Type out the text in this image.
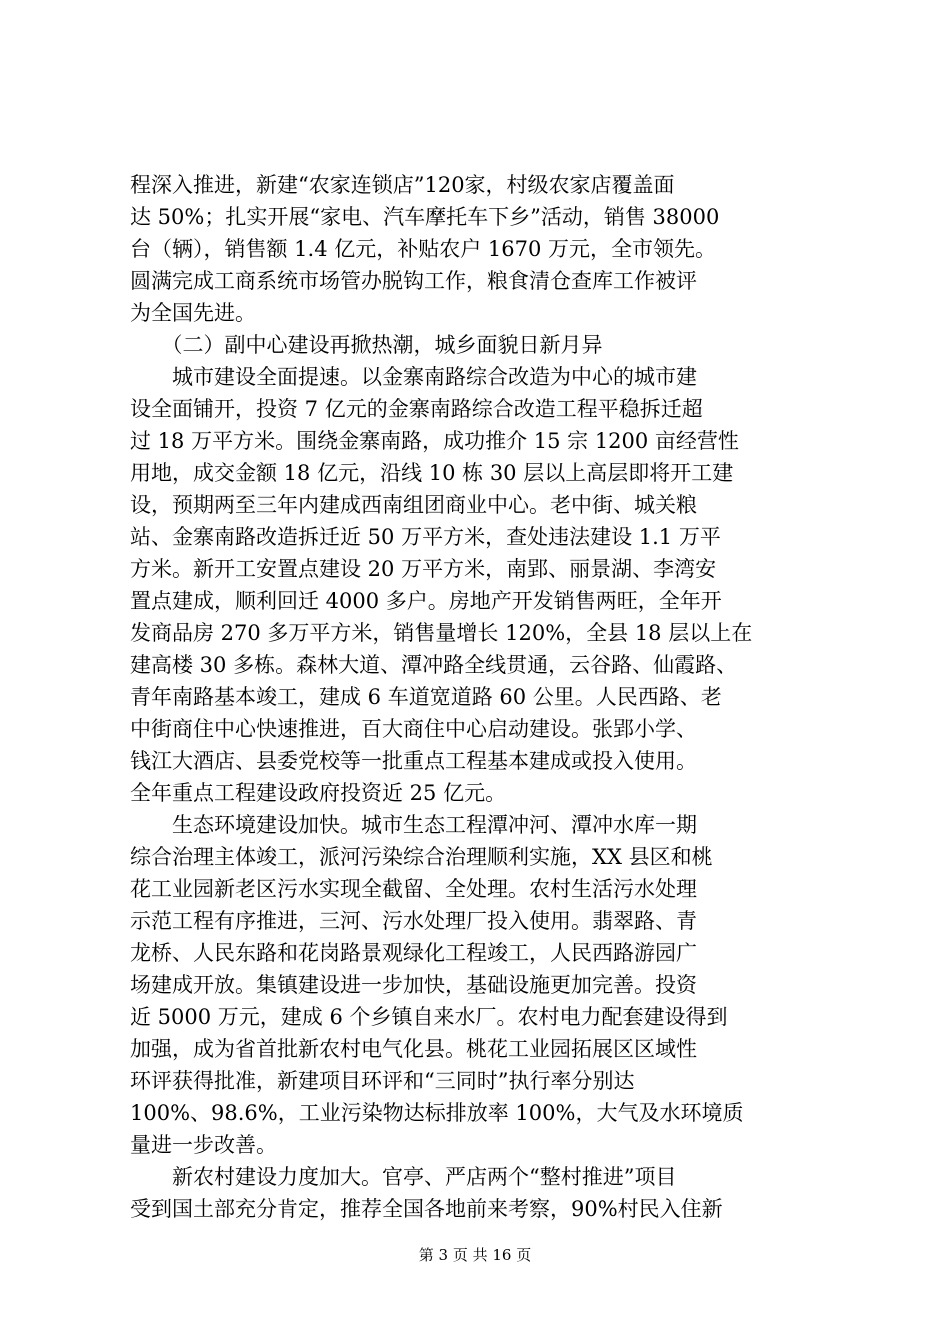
程深入推进，新建“农家连锁店”120家，村级农家店覆盖面
达 50%；扎实开展“家电、汽车摩托车下乡”活动，销售 38000
台（辆），销售额 1.4 亿元，补贴农户 1670 万元，全市领先。
圆满完成工商系统市场管办脱钩工作，粮食清仓查库工作被评
为全国先进。
　　（二）副中心建设再掀热潮，城乡面貌日新月异
　　城市建设全面提速。以金寨南路综合改造为中心的城市建
设全面铺开，投资 7 亿元的金寨南路综合改造工程平稳拆迁超
过 18 万平方米。围绕金寨南路，成功推介 15 宗 1200 亩经营性
用地，成交金额 18 亿元，沿线 10 栋 30 层以上高层即将开工建
设，预期两至三年内建成西南组团商业中心。老中街、城关粮
站、金寨南路改造拆迁近 50 万平方米，查处违法建设 1.1 万平
方米。新开工安置点建设 20 万平方米，南郢、丽景湖、李湾安
置点建成，顺利回迁 4000 多户。房地产开发销售两旺，全年开
发商品房 270 多万平方米，销售量增长 120%，全县 18 层以上在
建高楼 30 多栋。森林大道、潭冲路全线贯通，云谷路、仙霞路、
青年南路基本竣工，建成 6 车道宽道路 60 公里。人民西路、老
中街商住中心快速推进，百大商住中心启动建设。张郢小学、
钱江大酒店、县委党校等一批重点工程基本建成或投入使用。
全年重点工程建设政府投资近 25 亿元。
　　生态环境建设加快。城市生态工程潭冲河、潭冲水库一期
综合治理主体竣工，派河污染综合治理顺利实施，XX 县区和桃
花工业园新老区污水实现全截留、全处理。农村生活污水处理
示范工程有序推进，三河、污水处理厂投入使用。翡翠路、青
龙桥、人民东路和花岗路景观绿化工程竣工，人民西路游园广
场建成开放。集镇建设进一步加快，基础设施更加完善。投资
近 5000 万元，建成 6 个乡镇自来水厂。农村电力配套建设得到
加强，成为省首批新农村电气化县。桃花工业园拓展区区域性
环评获得批准，新建项目环评和“三同时”执行率分别达
100%、98.6%，工业污染物达标排放率 100%，大气及水环境质
量进一步改善。
　　新农村建设力度加大。官亭、严店两个“整村推进”项目
受到国土部充分肯定，推荐全国各地前来考察，90%村民入住新
第 3 页 共 16 页
